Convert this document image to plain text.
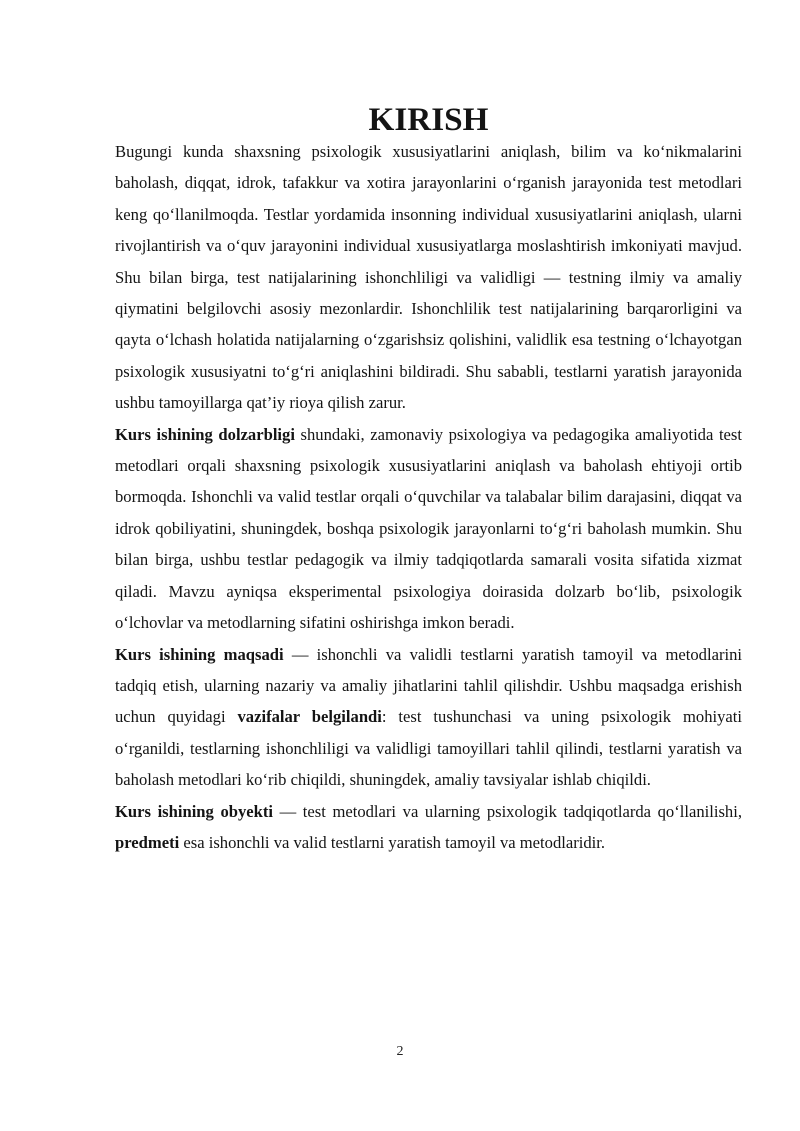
KIRISH

Bugungi kunda shaxsning psixologik xususiyatlarini aniqlash, bilim va ko‘nikmalarini baholash, diqqat, idrok, tafakkur va xotira jarayonlarini o‘rganish jarayonida test metodlari keng qo‘llanilmoqda. Testlar yordamida insonning individual xususiyatlarini aniqlash, ularni rivojlantirish va o‘quv jarayonini individual xususiyatlarga moslashtirish imkoniyati mavjud. Shu bilan birga, test natijalarining ishonchliligi va validligi — testning ilmiy va amaliy qiymatini belgilovchi asosiy mezonlardir. Ishonchlilik test natijalarining barqarorligini va qayta o‘lchash holatida natijalarning o‘zgarishsiz qolishini, validlik esa testning o‘lchayotgan psixologik xususiyatni to‘g‘ri aniqlashini bildiradi. Shu sababli, testlarni yaratish jarayonida ushbu tamoyillarga qat’iy rioya qilish zarur.

Kurs ishining dolzarbligi shundaki, zamonaviy psixologiya va pedagogika amaliyotida test metodlari orqali shaxsning psixologik xususiyatlarini aniqlash va baholash ehtiyoji ortib bormoqda. Ishonchli va valid testlar orqali o‘quvchilar va talabalar bilim darajasini, diqqat va idrok qobiliyatini, shuningdek, boshqa psixologik jarayonlarni to‘g‘ri baholash mumkin. Shu bilan birga, ushbu testlar pedagogik va ilmiy tadqiqotlarda samarali vosita sifatida xizmat qiladi. Mavzu ayniqsa eksperimental psixologiya doirasida dolzarb bo‘lib, psixologik o‘lchovlar va metodlarning sifatini oshirishga imkon beradi.

Kurs ishining maqsadi — ishonchli va validli testlarni yaratish tamoyil va metodlarini tadqiq etish, ularning nazariy va amaliy jihatlarini tahlil qilishdir. Ushbu maqsadga erishish uchun quyidagi vazifalar belgilandi: test tushunchasi va uning psixologik mohiyati o‘rganildi, testlarning ishonchliligi va validligi tamoyillari tahlil qilindi, testlarni yaratish va baholash metodlari ko‘rib chiqildi, shuningdek, amaliy tavsiyalar ishlab chiqildi.

Kurs ishining obyekti — test metodlari va ularning psixologik tadqiqotlarda qo‘llanilishi, predmeti esa ishonchli va valid testlarni yaratish tamoyil va metodlaridir.

2
